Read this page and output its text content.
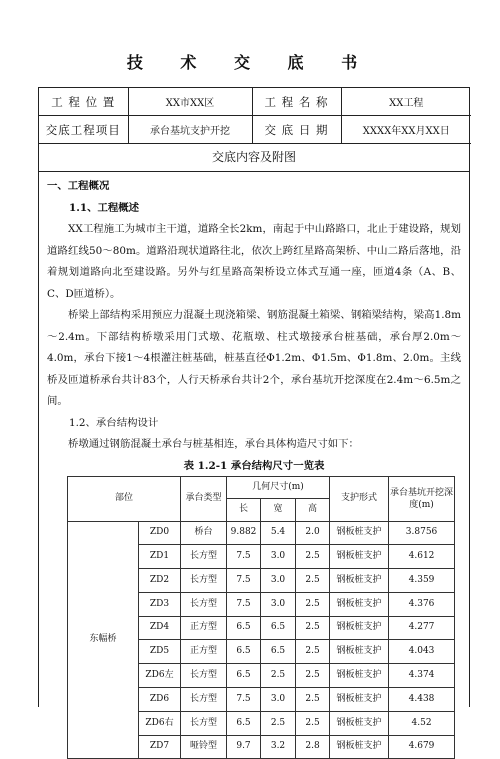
技 术 交 底 书
工 程 位 置	XX市XX区	工 程 名 称	XX工程
交底工程项目	承台基坑支护开挖	交 底 日 期	XXXX年XX月XX日
交底内容及附图
一、工程概况
1.1、工程概述
XX工程施工为城市主干道，道路全长2km，南起于中山路路口，北止于建设路，规划道路红线50～80m。道路沿现状道路往北，依次上跨红星路高架桥、中山二路后落地，沿着规划道路向北至建设路。另外与红星路高架桥设立体式互通一座，匝道4条（A、B、C、D匝道桥）。
桥梁上部结构采用预应力混凝土现浇箱梁、钢筋混凝土箱梁、钢箱梁结构，梁高1.8m～2.4m。下部结构桥墩采用门式墩、花瓶墩、柱式墩接承台桩基础，承台厚2.0m～4.0m，承台下接1～4根灌注桩基础，桩基直径Φ1.2m、Φ1.5m、Φ1.8m、2.0m。主线桥及匝道桥承台共计83个，人行天桥承台共计2个，承台基坑开挖深度在2.4m～6.5m之间。
1.2、承台结构设计
桥墩通过钢筋混凝土承台与桩基相连，承台具体构造尺寸如下：
表 1.2-1 承台结构尺寸一览表
部位		承台类型	几何尺寸(m)			支护形式	承台基坑开挖深度(m)
			长	宽	高		
东幅桥	ZD0	桥台	9.882	5.4	2.0	钢板桩支护	3.8756
	ZD1	长方型	7.5	3.0	2.5	钢板桩支护	4.612
	ZD2	长方型	7.5	3.0	2.5	钢板桩支护	4.359
	ZD3	长方型	7.5	3.0	2.5	钢板桩支护	4.376
	ZD4	正方型	6.5	6.5	2.5	钢板桩支护	4.277
	ZD5	正方型	6.5	6.5	2.5	钢板桩支护	4.043
	ZD6左	长方型	6.5	2.5	2.5	钢板桩支护	4.374
	ZD6	长方型	7.5	3.0	2.5	钢板桩支护	4.438
	ZD6右	长方型	6.5	2.5	2.5	钢板桩支护	4.52
	ZD7	哑铃型	9.7	3.2	2.8	钢板桩支护	4.679
